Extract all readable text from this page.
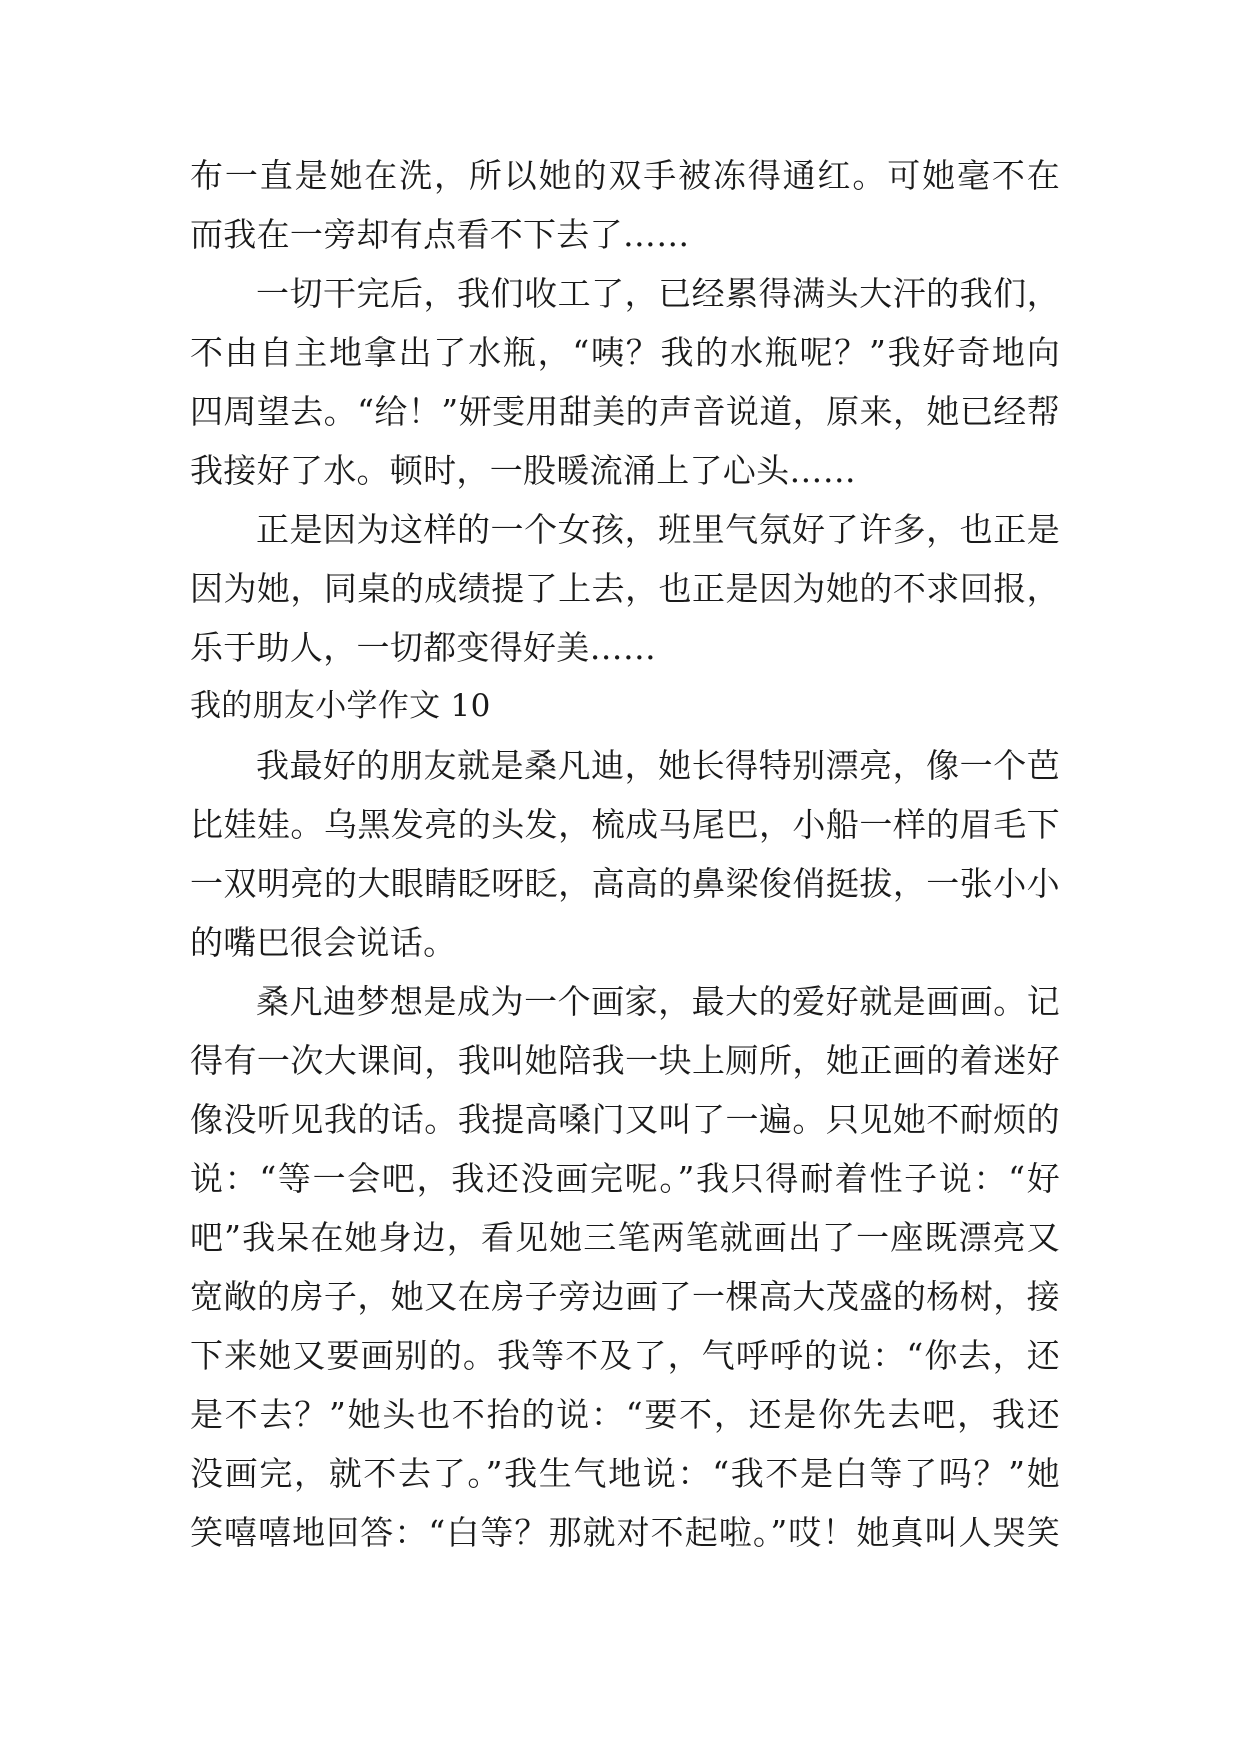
布一直是她在洗，所以她的双手被冻得通红。可她毫不在
而我在一旁却有点看不下去了……
一切干完后，我们收工了，已经累得满头大汗的我们，
不由自主地拿出了水瓶，“咦？我的水瓶呢？”我好奇地向
四周望去。“给！”妍雯用甜美的声音说道，原来，她已经帮
我接好了水。顿时，一股暖流涌上了心头……
正是因为这样的一个女孩，班里气氛好了许多，也正是
因为她，同桌的成绩提了上去，也正是因为她的不求回报，
乐于助人，一切都变得好美……
我的朋友小学作文 10
我最好的朋友就是桑凡迪，她长得特别漂亮，像一个芭
比娃娃。乌黑发亮的头发，梳成马尾巴，小船一样的眉毛下
一双明亮的大眼睛眨呀眨，高高的鼻梁俊俏挺拔，一张小小
的嘴巴很会说话。
桑凡迪梦想是成为一个画家，最大的爱好就是画画。记
得有一次大课间，我叫她陪我一块上厕所，她正画的着迷好
像没听见我的话。我提高嗓门又叫了一遍。只见她不耐烦的
说：“等一会吧，我还没画完呢。”我只得耐着性子说：“好
吧”我呆在她身边，看见她三笔两笔就画出了一座既漂亮又
宽敞的房子，她又在房子旁边画了一棵高大茂盛的杨树，接
下来她又要画别的。我等不及了，气呼呼的说：“你去，还
是不去？”她头也不抬的说：“要不，还是你先去吧，我还
没画完，就不去了。”我生气地说：“我不是白等了吗？”她
笑嘻嘻地回答：“白等？那就对不起啦。”哎！她真叫人哭笑
